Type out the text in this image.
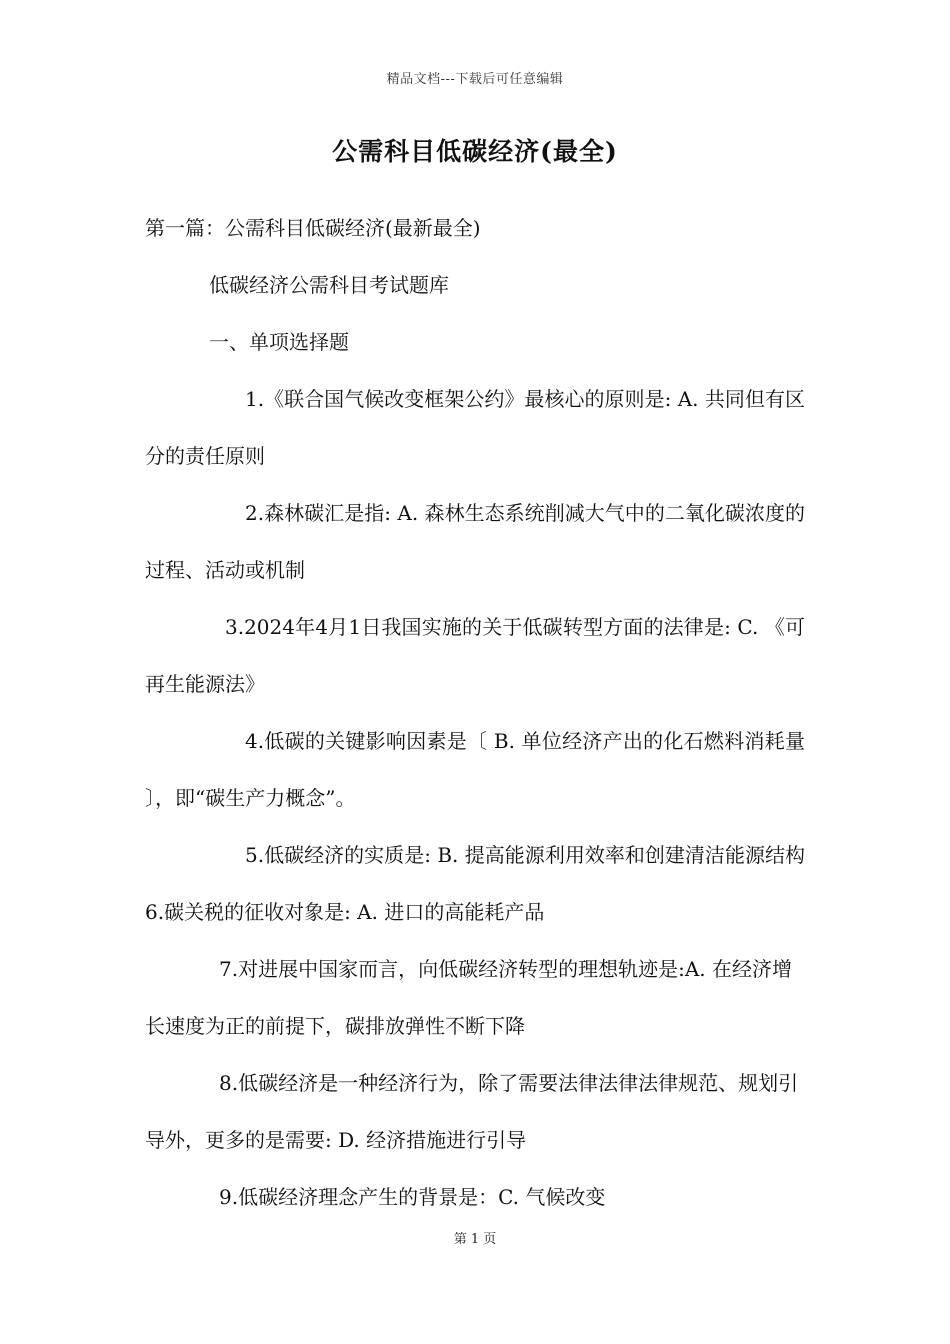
精品文档---下载后可任意编辑
公需科目低碳经济(最全)

第一篇：公需科目低碳经济(最新最全)

低碳经济公需科目考试题库

一、单项选择题

1.《联合国气候改变框架公约》最核心的原则是: A. 共同但有区分的责任原则

2.森林碳汇是指: A. 森林生态系统削减大气中的二氧化碳浓度的过程、活动或机制

3.2024年4月1日我国实施的关于低碳转型方面的法律是: C. 《可再生能源法》

4.低碳的关键影响因素是〔 B. 单位经济产出的化石燃料消耗量 〕，即“碳生产力概念”。

5.低碳经济的实质是: B. 提高能源利用效率和创建清洁能源结构　　6.碳关税的征收对象是: A. 进口的高能耗产品

7.对进展中国家而言，向低碳经济转型的理想轨迹是:A. 在经济增长速度为正的前提下，碳排放弹性不断下降

8.低碳经济是一种经济行为，除了需要法律法律法律规范、规划引导外，更多的是需要: D. 经济措施进行引导

9.低碳经济理念产生的背景是：C. 气候改变

第 1 页
